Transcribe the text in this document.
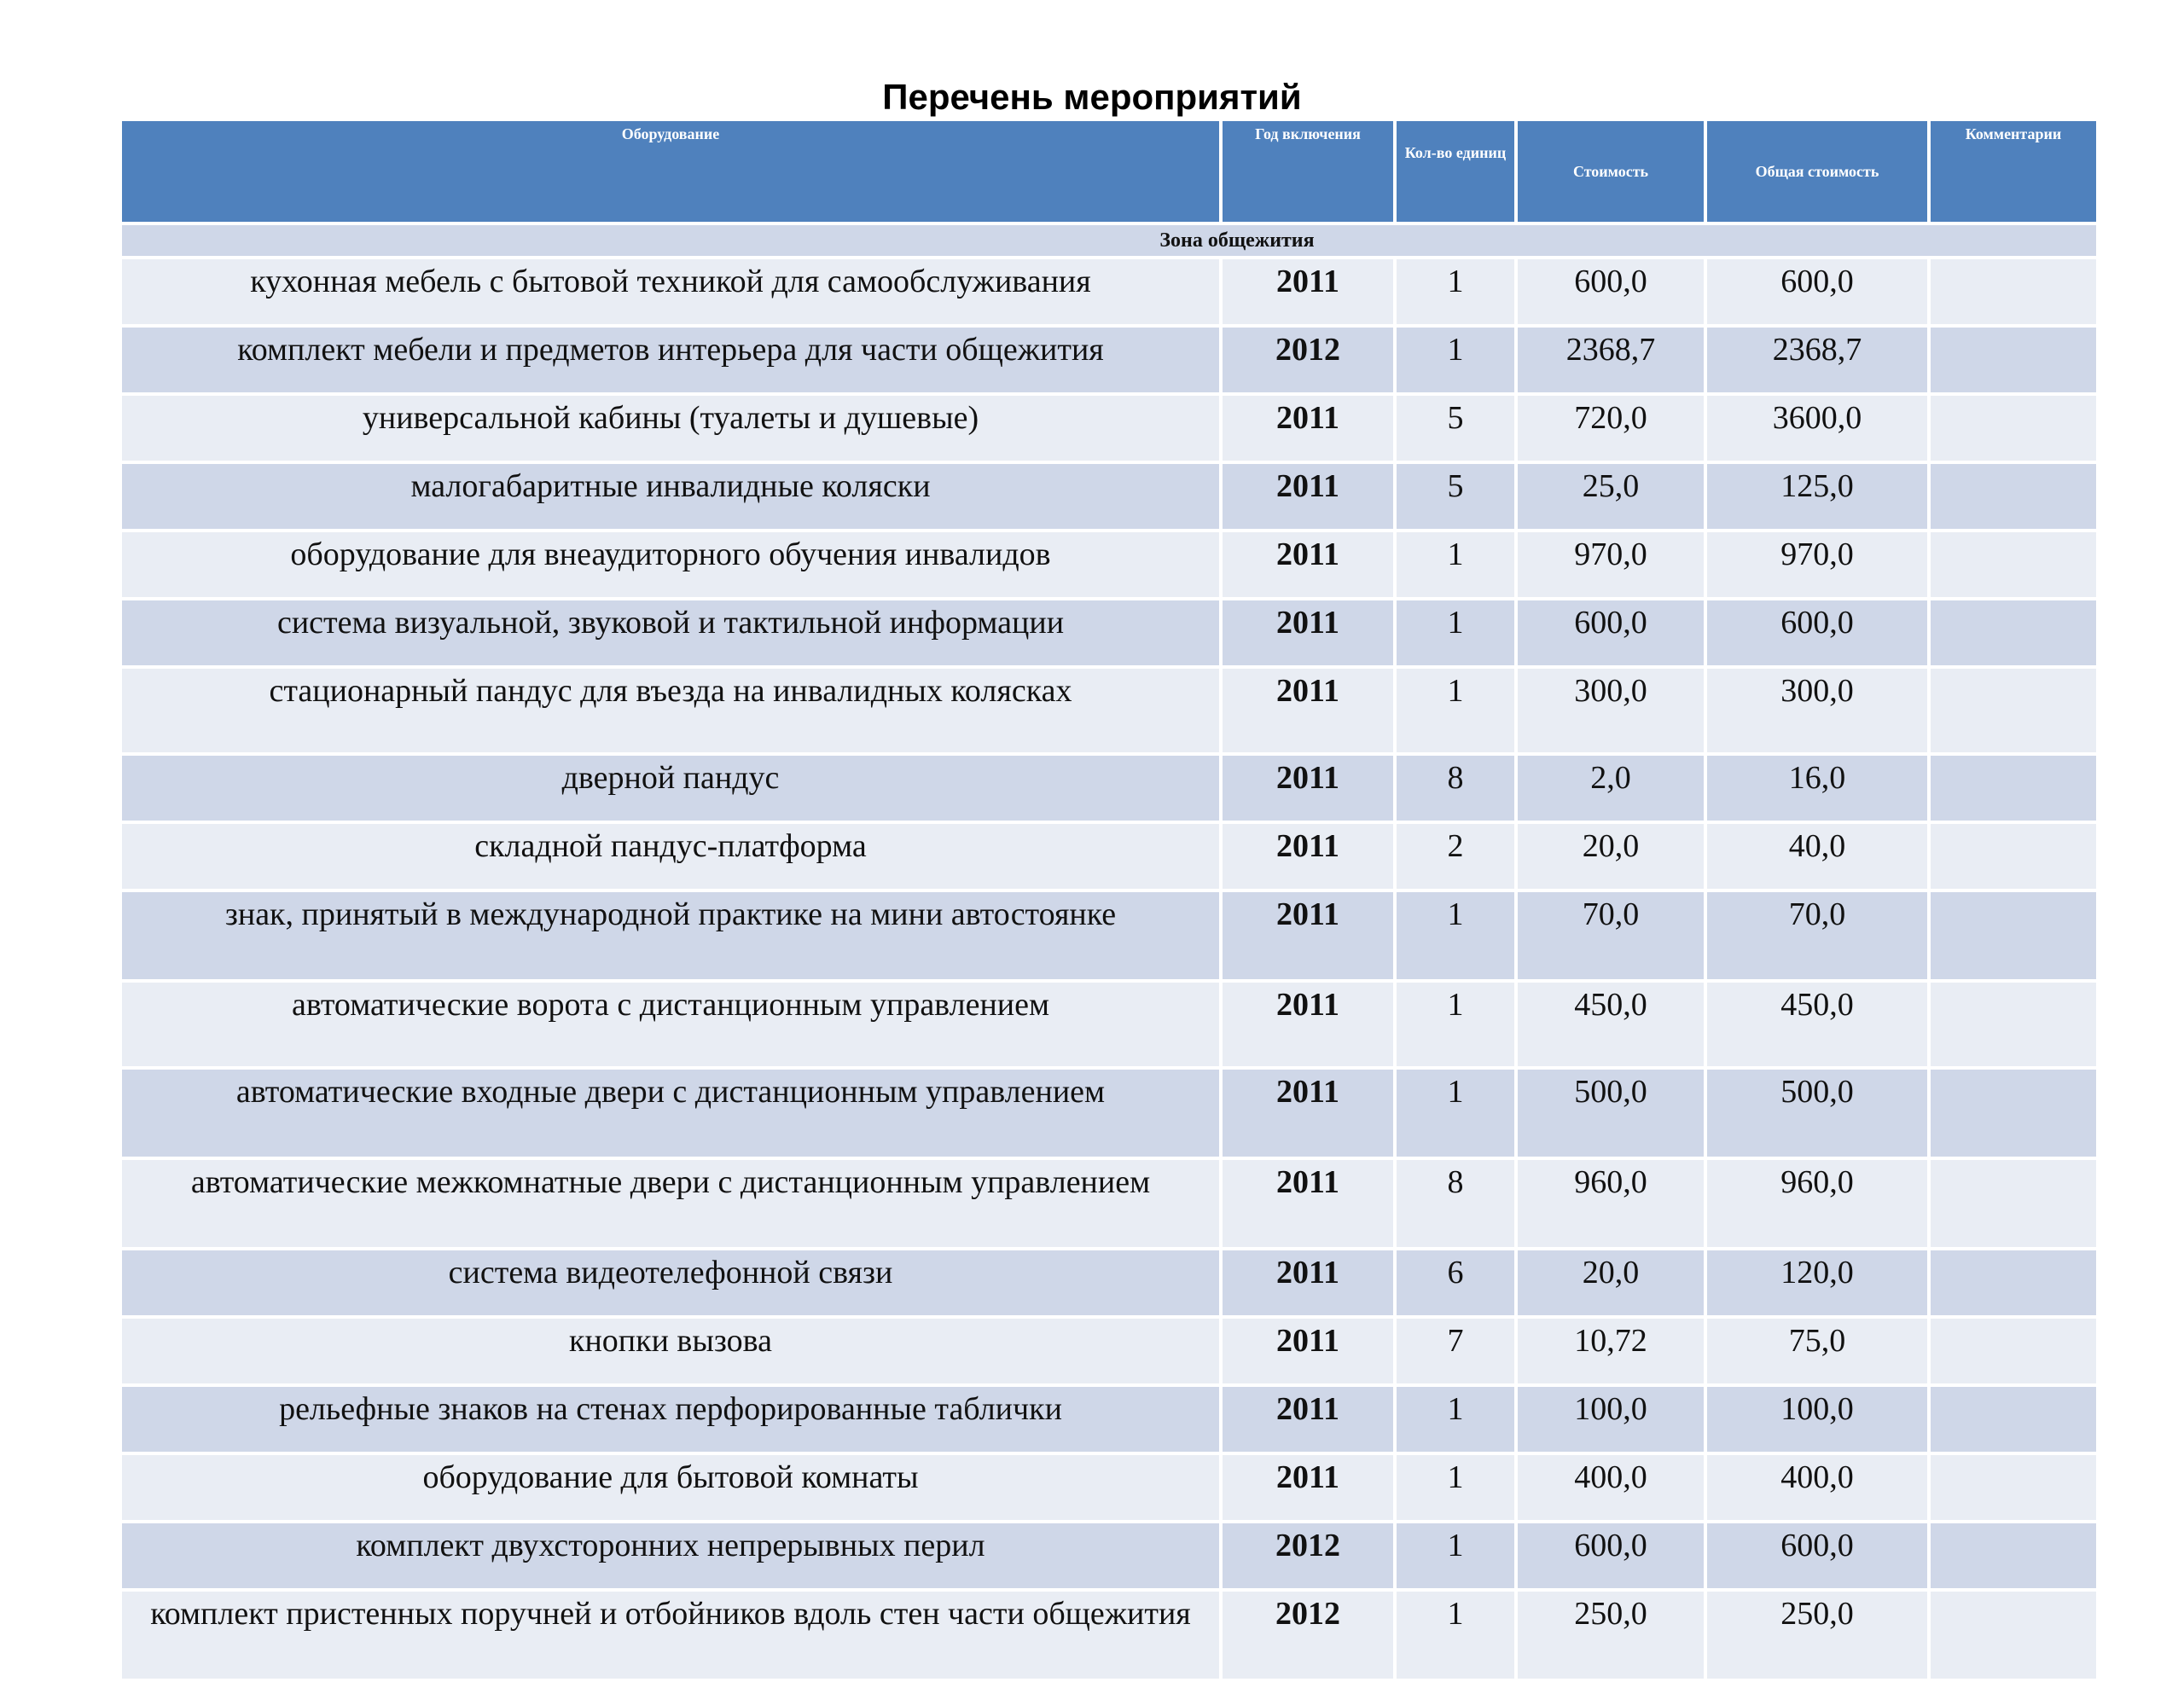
Перечень мероприятий
Оборудование	Год включения	Кол-во единиц	Стоимость	Общая стоимость	Комментарии
Зона общежития					
кухонная мебель с бытовой техникой для самообслуживания	2011	1	600,0	600,0	
комплект мебели и предметов интерьера для части общежития	2012	1	2368,7	2368,7	
универсальной кабины (туалеты и душевые)	2011	5	720,0	3600,0	
малогабаритные инвалидные коляски	2011	5	25,0	125,0	
оборудование для внеаудиторного обучения инвалидов	2011	1	970,0	970,0	
система визуальной, звуковой и тактильной информации	2011	1	600,0	600,0	
стационарный пандус для въезда на инвалидных колясках	2011	1	300,0	300,0	
дверной пандус	2011	8	2,0	16,0	
складной пандус-платформа	2011	2	20,0	40,0	
знак, принятый в международной практике на мини автостоянке	2011	1	70,0	70,0	
автоматические ворота с дистанционным управлением	2011	1	450,0	450,0	
автоматические входные двери с дистанционным управлением	2011	1	500,0	500,0	
автоматические межкомнатные двери с дистанционным управлением	2011	8	960,0	960,0	
система видеотелефонной связи	2011	6	20,0	120,0	
кнопки вызова	2011	7	10,72	75,0	
рельефные знаков на стенах перфорированные таблички	2011	1	100,0	100,0	
оборудование для бытовой комнаты	2011	1	400,0	400,0	
комплект двухсторонних непрерывных перил	2012	1	600,0	600,0	
комплект пристенных поручней и отбойников вдоль стен части общежития	2012	1	250,0	250,0	
